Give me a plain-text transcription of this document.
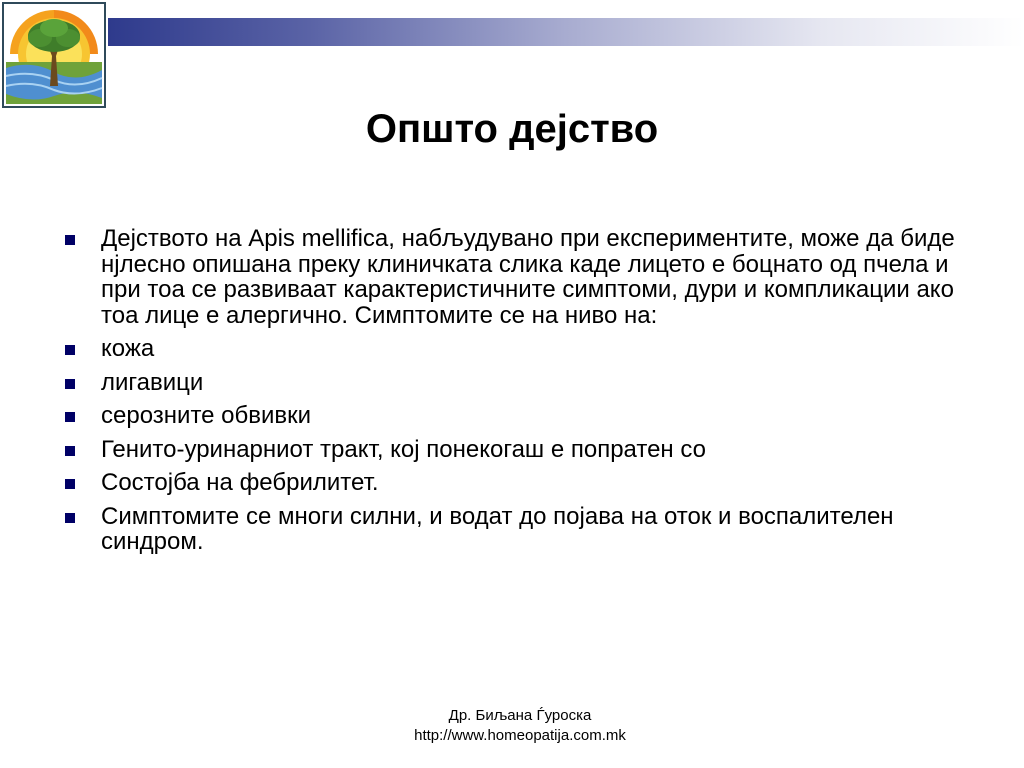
Општо дејство
Дејството на Apis mellifica, набљудувано при експериментите, може да биде нјлесно опишана преку клиничката слика каде лицето е боцнато од пчела и при тоа се развиваат карактеристичните симптоми, дури и компликации ако тоа лице е алергично. Симптомите се на ниво на:
кожа
лигавици
серозните обвивки
Генито-уринарниот тракт, кој понекогаш е попратен со
Состојба на фебрилитет.
Симптомите се многи силни, и водат до појава на оток и воспалителен синдром.
Др. Биљана Ѓуроска
http://www.homeopatija.com.mk
